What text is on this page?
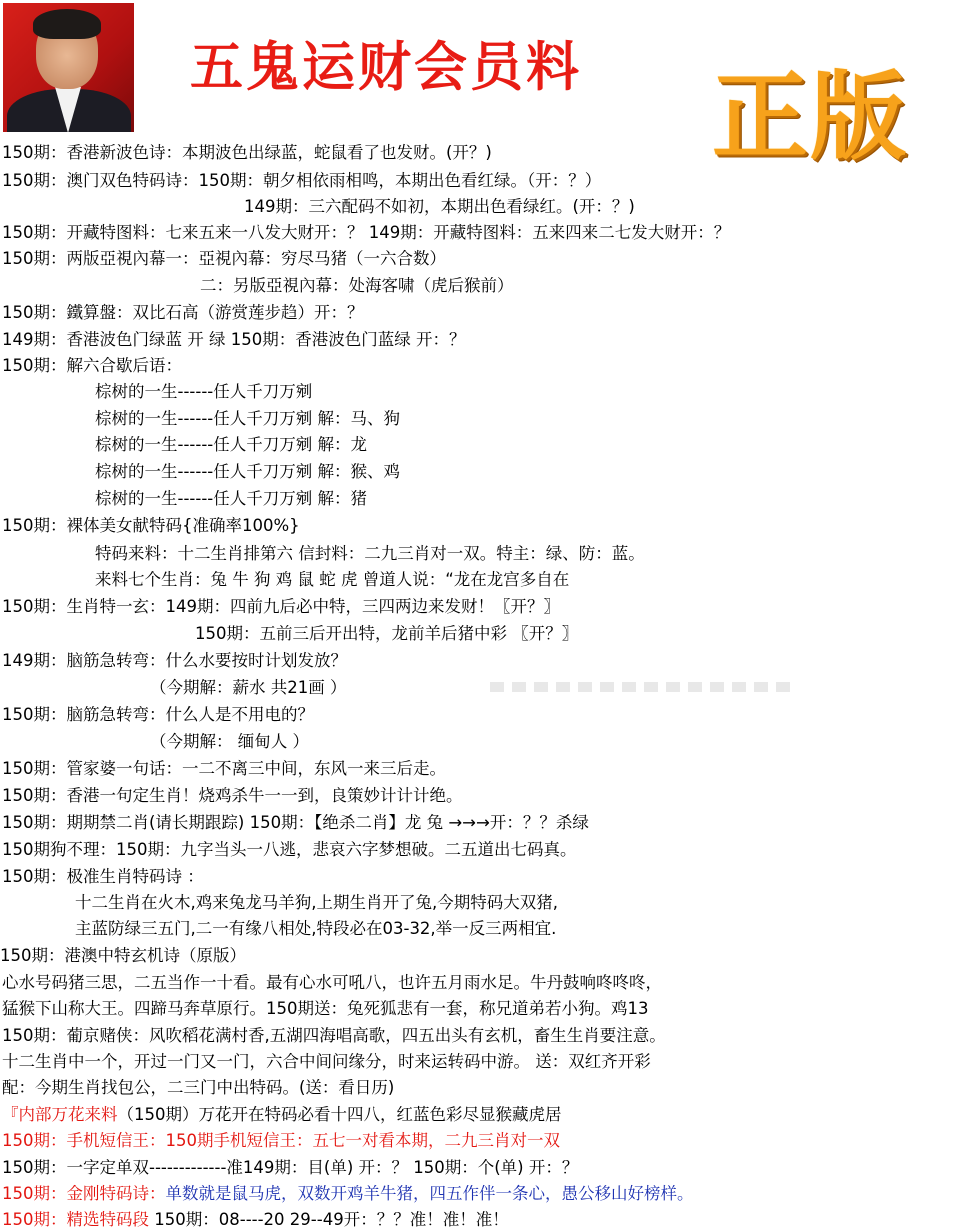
五鬼运财会员料	正版
150期：香港新波色诗：本期波色出绿蓝，蛇鼠看了也发财。(开？)
150期：澳门双色特码诗：150期：朝夕相依雨相鸣，本期出色看红绿。（开：？）
149期：三六配码不如初，本期出色看绿红。(开：？)
150期：开藏特图料：七来五来一八发大财开：？ 149期：开藏特图料：五来四来二七发大财开：？
150期：两版亞視內幕一：亞視內幕：穷尽马猪（一六合数）
二：另版亞視內幕：处海客啸（虎后猴前）
150期：鐵算盤：双比石高（游赏莲步趋）开：？
149期：香港波色门绿蓝 开 绿 150期：香港波色门蓝绿 开：？
150期：解六合歇后语：
棕树的一生------任人千刀万剜
棕树的一生------任人千刀万剜 解：马、狗
棕树的一生------任人千刀万剜 解：龙
棕树的一生------任人千刀万剜 解：猴、鸡
棕树的一生------任人千刀万剜 解：猪
150期：裸体美女献特码{准确率100%}
特码来料：十二生肖排第六 信封料：二九三肖对一双。特主：绿、防：蓝。
来料七个生肖：兔 牛 狗 鸡 鼠 蛇 虎 曾道人说：“龙在龙宫多自在
150期：生肖特一玄：149期：四前九后必中特，三四两边来发财！〖开？〗
150期：五前三后开出特，龙前羊后猪中彩 〖开？〗
149期：脑筋急转弯：什么水要按时计划发放？
（今期解：薪水 共21画 ）
150期：脑筋急转弯：什么人是不用电的？
（今期解： 缅甸人 ）
150期：管家婆一句话：一二不离三中间，东风一来三后走。
150期：香港一句定生肖！烧鸡杀牛一一到，良策妙计计计绝。
150期：期期禁二肖(请长期跟踪) 150期：【绝杀二肖】龙 兔 →→→开：？？杀绿
150期狗不理：150期：九字当头一八逃，悲哀六字梦想破。二五道出七码真。
150期：极准生肖特码诗 ：
十二生肖在火木,鸡来兔龙马羊狗,上期生肖开了兔,今期特码大双猪,
主蓝防绿三五门,二一有缘八相处,特段必在03-32,举一反三两相宜.
150期：港澳中特玄机诗（原版）
心水号码猪三思，二五当作一十看。最有心水可吼八，也许五月雨水足。牛丹鼓响咚咚咚，
猛猴下山称大王。四蹄马奔草原行。150期送：兔死狐悲有一套，称兄道弟若小狗。鸡13
150期：葡京赌侠：风吹稻花满村香,五湖四海唱高歌，四五出头有玄机，畜生生肖要注意。
十二生肖中一个，开过一门又一门，六合中间问缘分，时来运转码中游。 送：双红齐开彩
配：今期生肖找包公，二三门中出特码。(送：看日历)
『内部万花来料（150期）万花开在特码必看十四八，红蓝色彩尽显猴藏虎居
150期：手机短信王：150期手机短信王：五七一对看本期，二九三肖对一双
150期：一字定单双-------------准149期：目(单) 开：？ 150期：个(单) 开：？
150期：金刚特码诗：单数就是鼠马虎，双数开鸡羊牛猪，四五作伴一条心，愚公移山好榜样。
150期：精选特码段 150期：08----20 29--49开：？？准！准！准！
